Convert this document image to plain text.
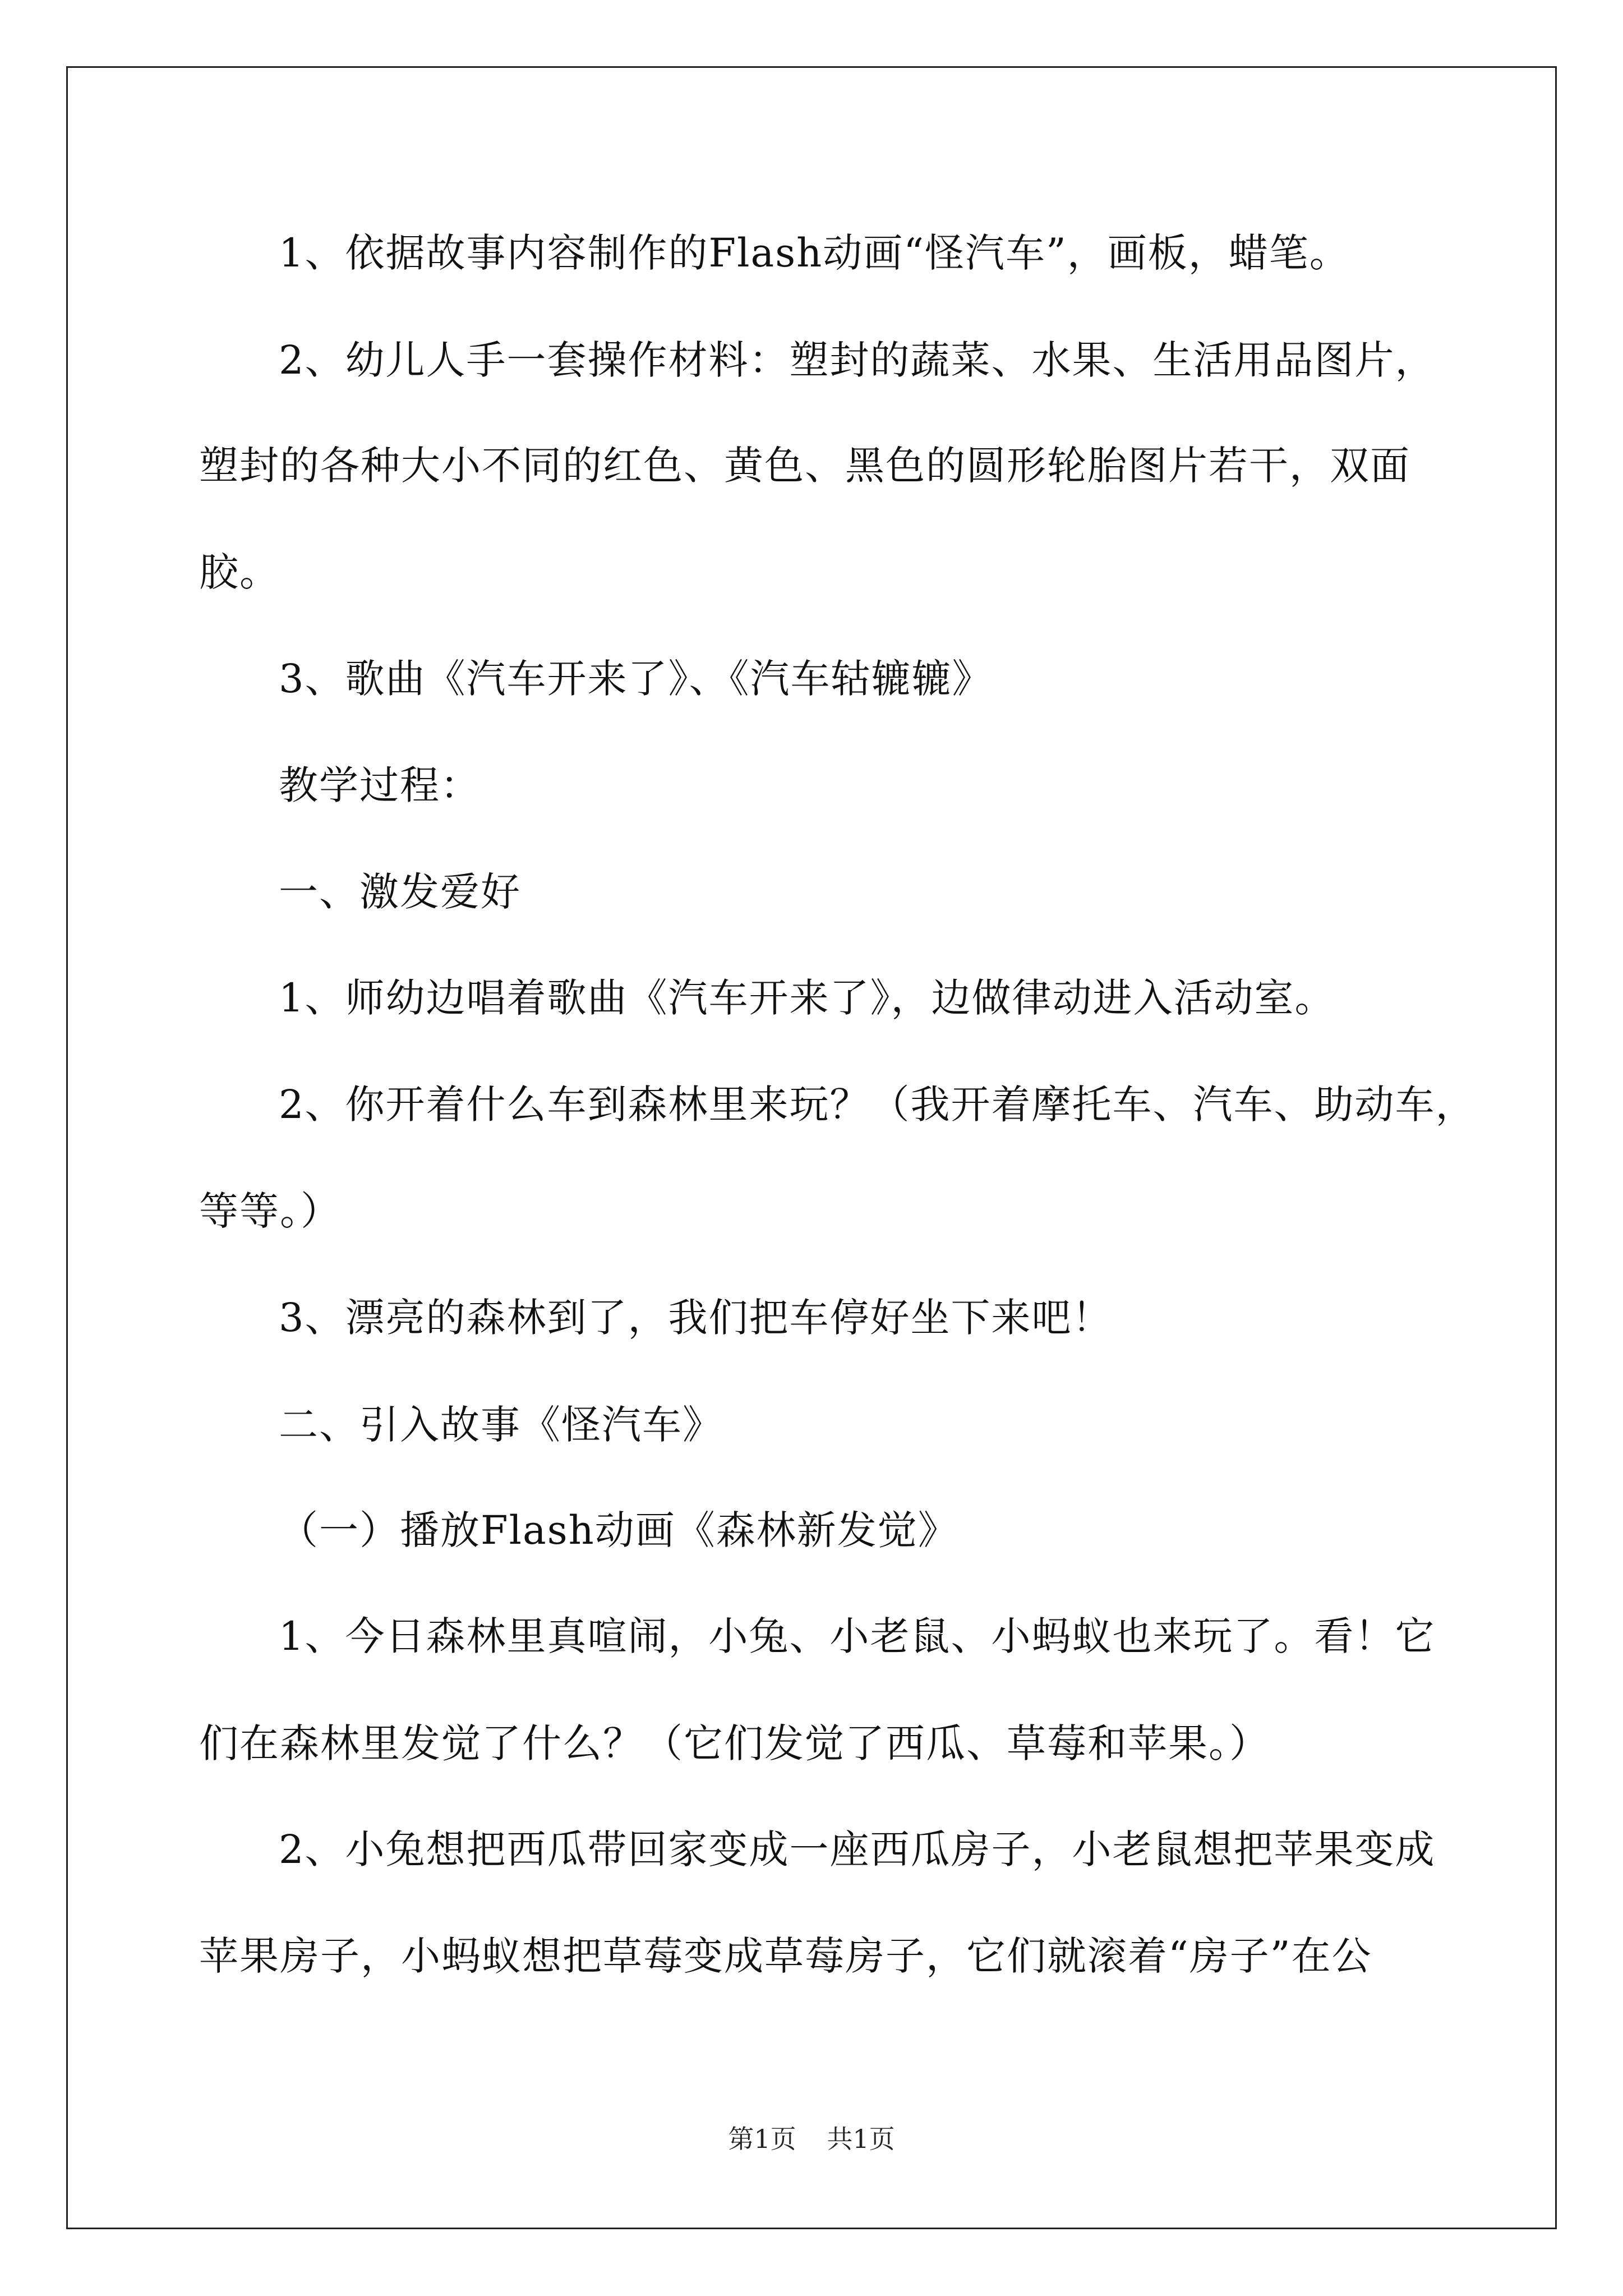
1、依据故事内容制作的Flash动画“怪汽车”，画板，蜡笔。

2、幼儿人手一套操作材料：塑封的蔬菜、水果、生活用品图片，

塑封的各种大小不同的红色、黄色、黑色的圆形轮胎图片若干，双面

胶。

3、歌曲《汽车开来了》、《汽车轱辘辘》

教学过程：

一、激发爱好

1、师幼边唱着歌曲《汽车开来了》，边做律动进入活动室。

2、你开着什么车到森林里来玩？（我开着摩托车、汽车、助动车，

等等。）

3、漂亮的森林到了，我们把车停好坐下来吧！

二、引入故事《怪汽车》

（一）播放Flash动画《森林新发觉》

1、今日森林里真喧闹，小兔、小老鼠、小蚂蚁也来玩了。看！它

们在森林里发觉了什么？（它们发觉了西瓜、草莓和苹果。）

2、小兔想把西瓜带回家变成一座西瓜房子，小老鼠想把苹果变成

苹果房子，小蚂蚁想把草莓变成草莓房子，它们就滚着“房子”在公

第1页 共1页
